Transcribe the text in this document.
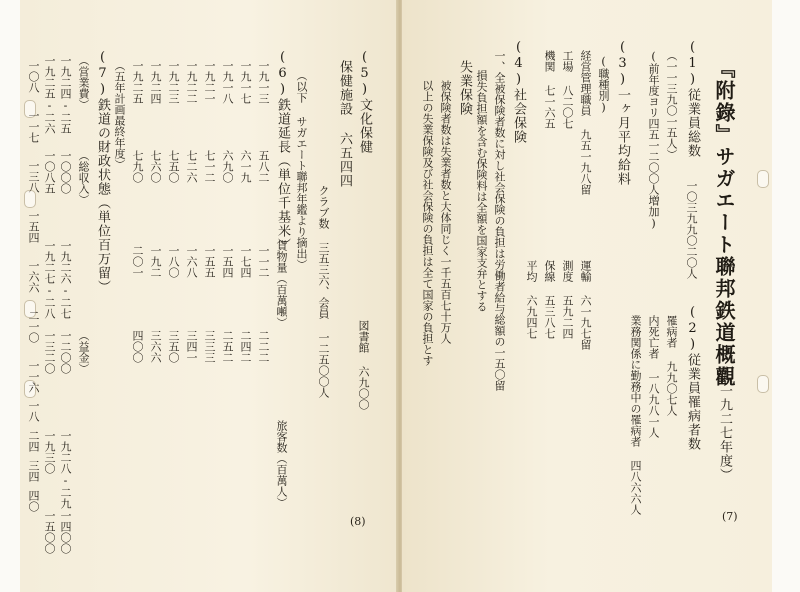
(5)文化保健
保健施設 六五四四
クラブ数 三五三六、会員 一二五〇〇人 図書館 六九〇〇
（以下 サガエート聯邦年鑑より摘出）
(6)鉄道延長（単位千基米）
一九一三
一九一七
一九一八
一九二一
一九二二
一九二三
一九二四
一九二五
（五年計画最終年度）	五八二
六一九
六九〇
七一二
七二六
七五〇
七六〇
七九〇
貨物量（百萬噸）
一一二
一七四
一五四
一五五
一六八
一八〇
一九二
二〇一
旅客数（百萬人）
二二二
二四二
二五二
三三三
三四一
三五〇
三六六
四〇〇
(7)鉄道の財政状態（単位百万留）
（営業費）
（総収入）
（益金）
一九二四-二五
一九二五-二六
一九二六-二七
一九二七-二八
一九二八-二九
一九三〇
一〇〇〇
一〇八五
一二〇〇
一三二〇
一四〇〇
一五〇〇
一〇八
一一七
一三八
一五四
一六六
二一〇
一一六
一八
二四
三四
四〇
(8)
『附錄』サガエート聯邦鉄道概觀
（一九二七年度）
(1)従業員総数
一〇三九九〇二〇人
（一一三九〇一五人）
(前年度ヨリ四五一二〇〇人増加)
(2)従業員罹病者数
罹病者 九九〇七人
内死亡者 一八九八一人
業務関係に勤務中の罹病者 四八六六人
(3)一ヶ月平均給料
(職種別)
経営管理職員 九五一九八留
運輸 六一九七留
工場 八二〇七
測度 五九二四
機関 七一六五
保線 五三八七
平均 六九四七
(4)社会保険
一、全被保険者数に対し社会保険の負担は労働者給与総額の一五〇留
損失負担額を含む保険料は全額を国家支弁とする
失業保険
被保険者数は失業者数と大体同じく一千五百七十万人
以上の失業保険及び社会保険の負担は全て国家の負担とす
(7)
